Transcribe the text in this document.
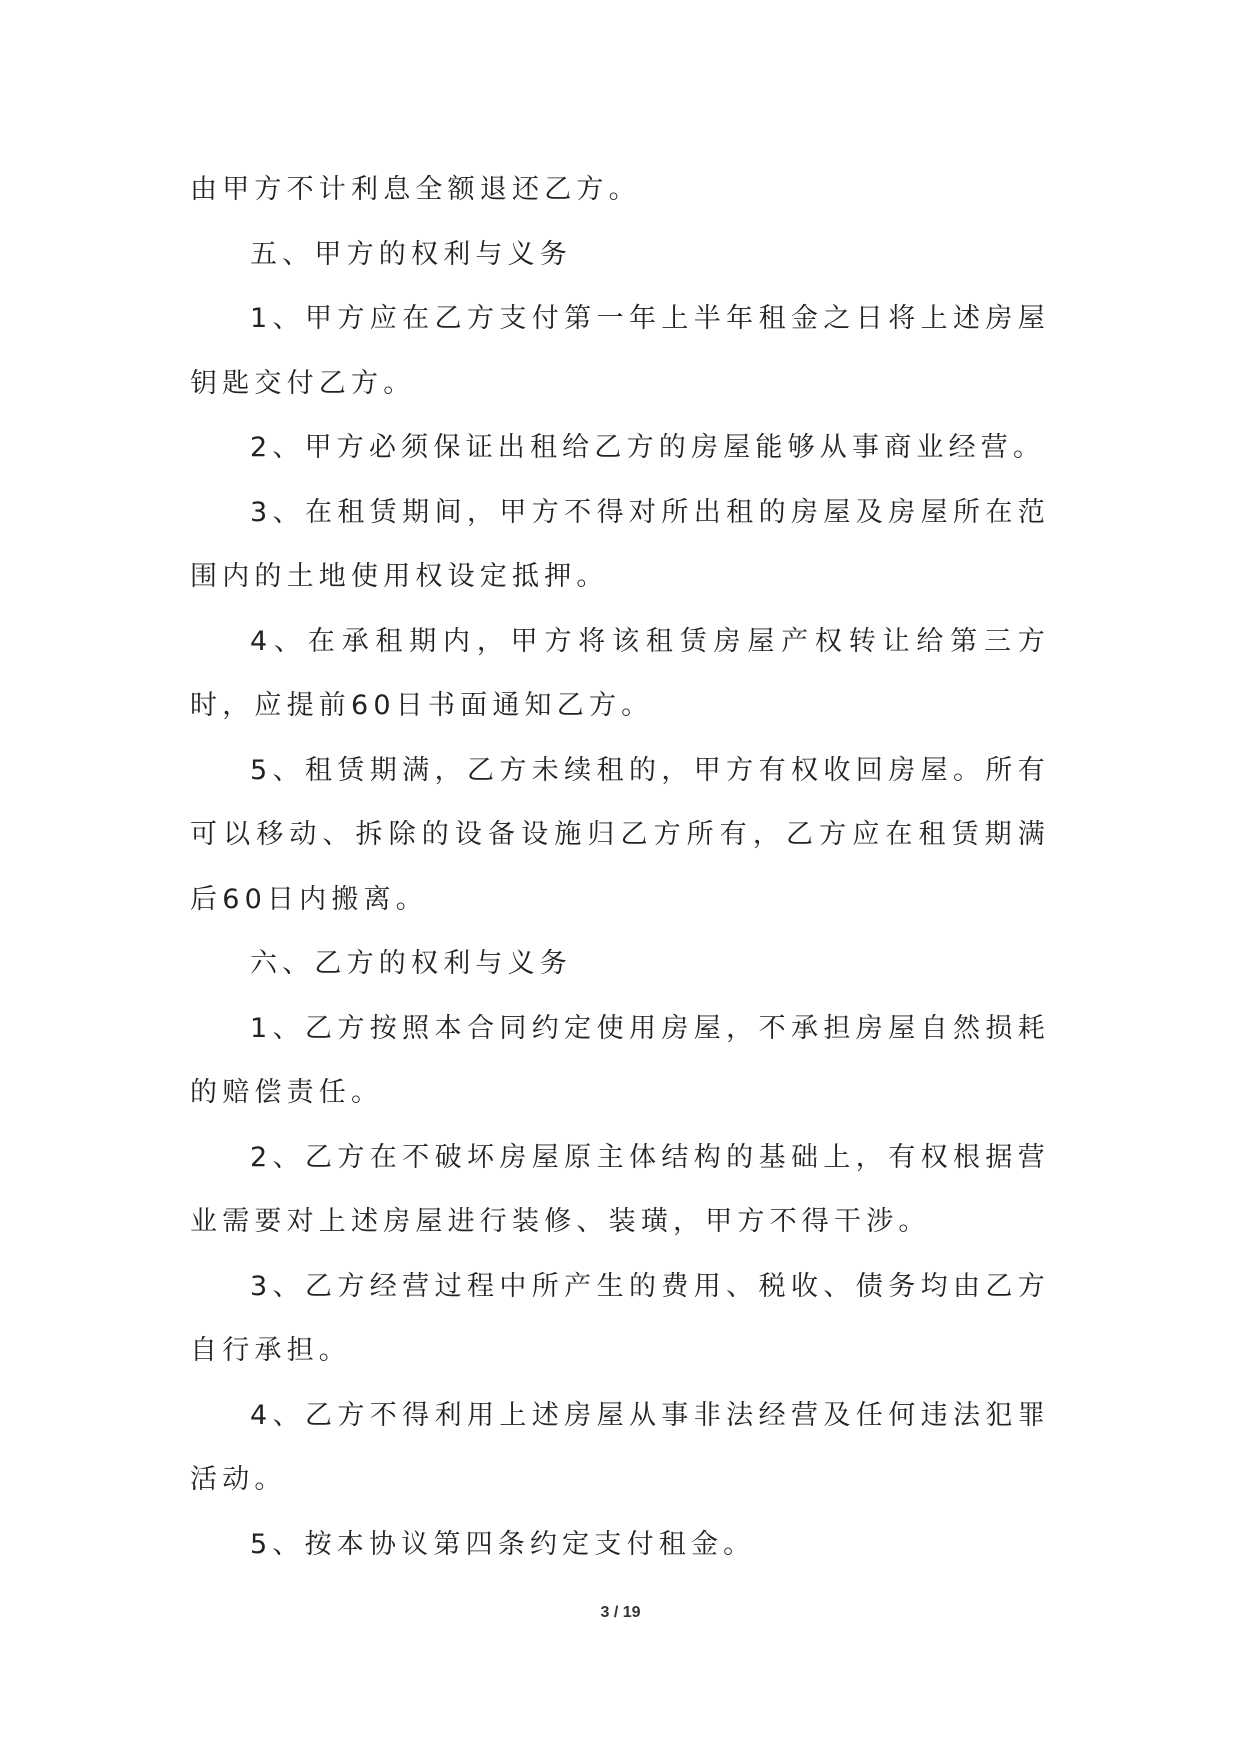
由甲方不计利息全额退还乙方。

五、甲方的权利与义务

1、甲方应在乙方支付第一年上半年租金之日将上述房屋钥匙交付乙方。

2、甲方必须保证出租给乙方的房屋能够从事商业经营。

3、在租赁期间，甲方不得对所出租的房屋及房屋所在范围内的土地使用权设定抵押。

4、在承租期内，甲方将该租赁房屋产权转让给第三方时，应提前60日书面通知乙方。

5、租赁期满，乙方未续租的，甲方有权收回房屋。所有可以移动、拆除的设备设施归乙方所有，乙方应在租赁期满后60日内搬离。

六、乙方的权利与义务

1、乙方按照本合同约定使用房屋，不承担房屋自然损耗的赔偿责任。

2、乙方在不破坏房屋原主体结构的基础上，有权根据营业需要对上述房屋进行装修、装璜，甲方不得干涉。

3、乙方经营过程中所产生的费用、税收、债务均由乙方自行承担。

4、乙方不得利用上述房屋从事非法经营及任何违法犯罪活动。

5、按本协议第四条约定支付租金。

3 / 19
